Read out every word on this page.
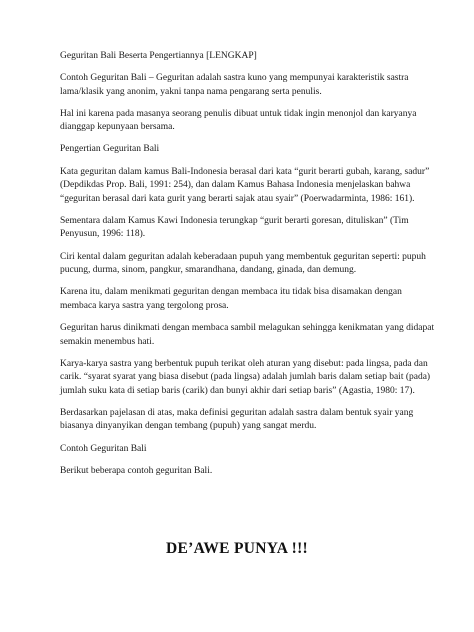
Geguritan Bali Beserta Pengertiannya [LENGKAP]

Contoh Geguritan Bali – Geguritan adalah sastra kuno yang mempunyai karakteristik sastra lama/klasik yang anonim, yakni tanpa nama pengarang serta penulis.

Hal ini karena pada masanya seorang penulis dibuat untuk tidak ingin menonjol dan karyanya dianggap kepunyaan bersama.

Pengertian Geguritan Bali

Kata geguritan dalam kamus Bali-Indonesia berasal dari kata “gurit berarti gubah, karang, sadur” (Depdikdas Prop. Bali, 1991: 254), dan dalam Kamus Bahasa Indonesia menjelaskan bahwa “geguritan berasal dari kata gurit yang berarti sajak atau syair” (Poerwadarminta, 1986: 161).

Sementara dalam Kamus Kawi Indonesia terungkap “gurit berarti goresan, dituliskan” (Tim Penyusun, 1996: 118).

Ciri kental dalam geguritan adalah keberadaan pupuh yang membentuk geguritan seperti: pupuh pucung, durma, sinom, pangkur, smarandhana, dandang, ginada, dan demung.

Karena itu, dalam menikmati geguritan dengan membaca itu tidak bisa disamakan dengan membaca karya sastra yang tergolong prosa.

Geguritan harus dinikmati dengan membaca sambil melagukan sehingga kenikmatan yang didapat semakin menembus hati.

Karya-karya sastra yang berbentuk pupuh terikat oleh aturan yang disebut: pada lingsa, pada dan carik. “syarat syarat yang biasa disebut (pada lingsa) adalah jumlah baris dalam setiap bait (pada) jumlah suku kata di setiap baris (carik) dan bunyi akhir dari setiap baris” (Agastia, 1980: 17).

Berdasarkan pajelasan di atas, maka definisi geguritan adalah sastra dalam bentuk syair yang biasanya dinyanyikan dengan tembang (pupuh) yang sangat merdu.

Contoh Geguritan Bali

Berikut beberapa contoh geguritan Bali.

DE’AWE PUNYA !!!
